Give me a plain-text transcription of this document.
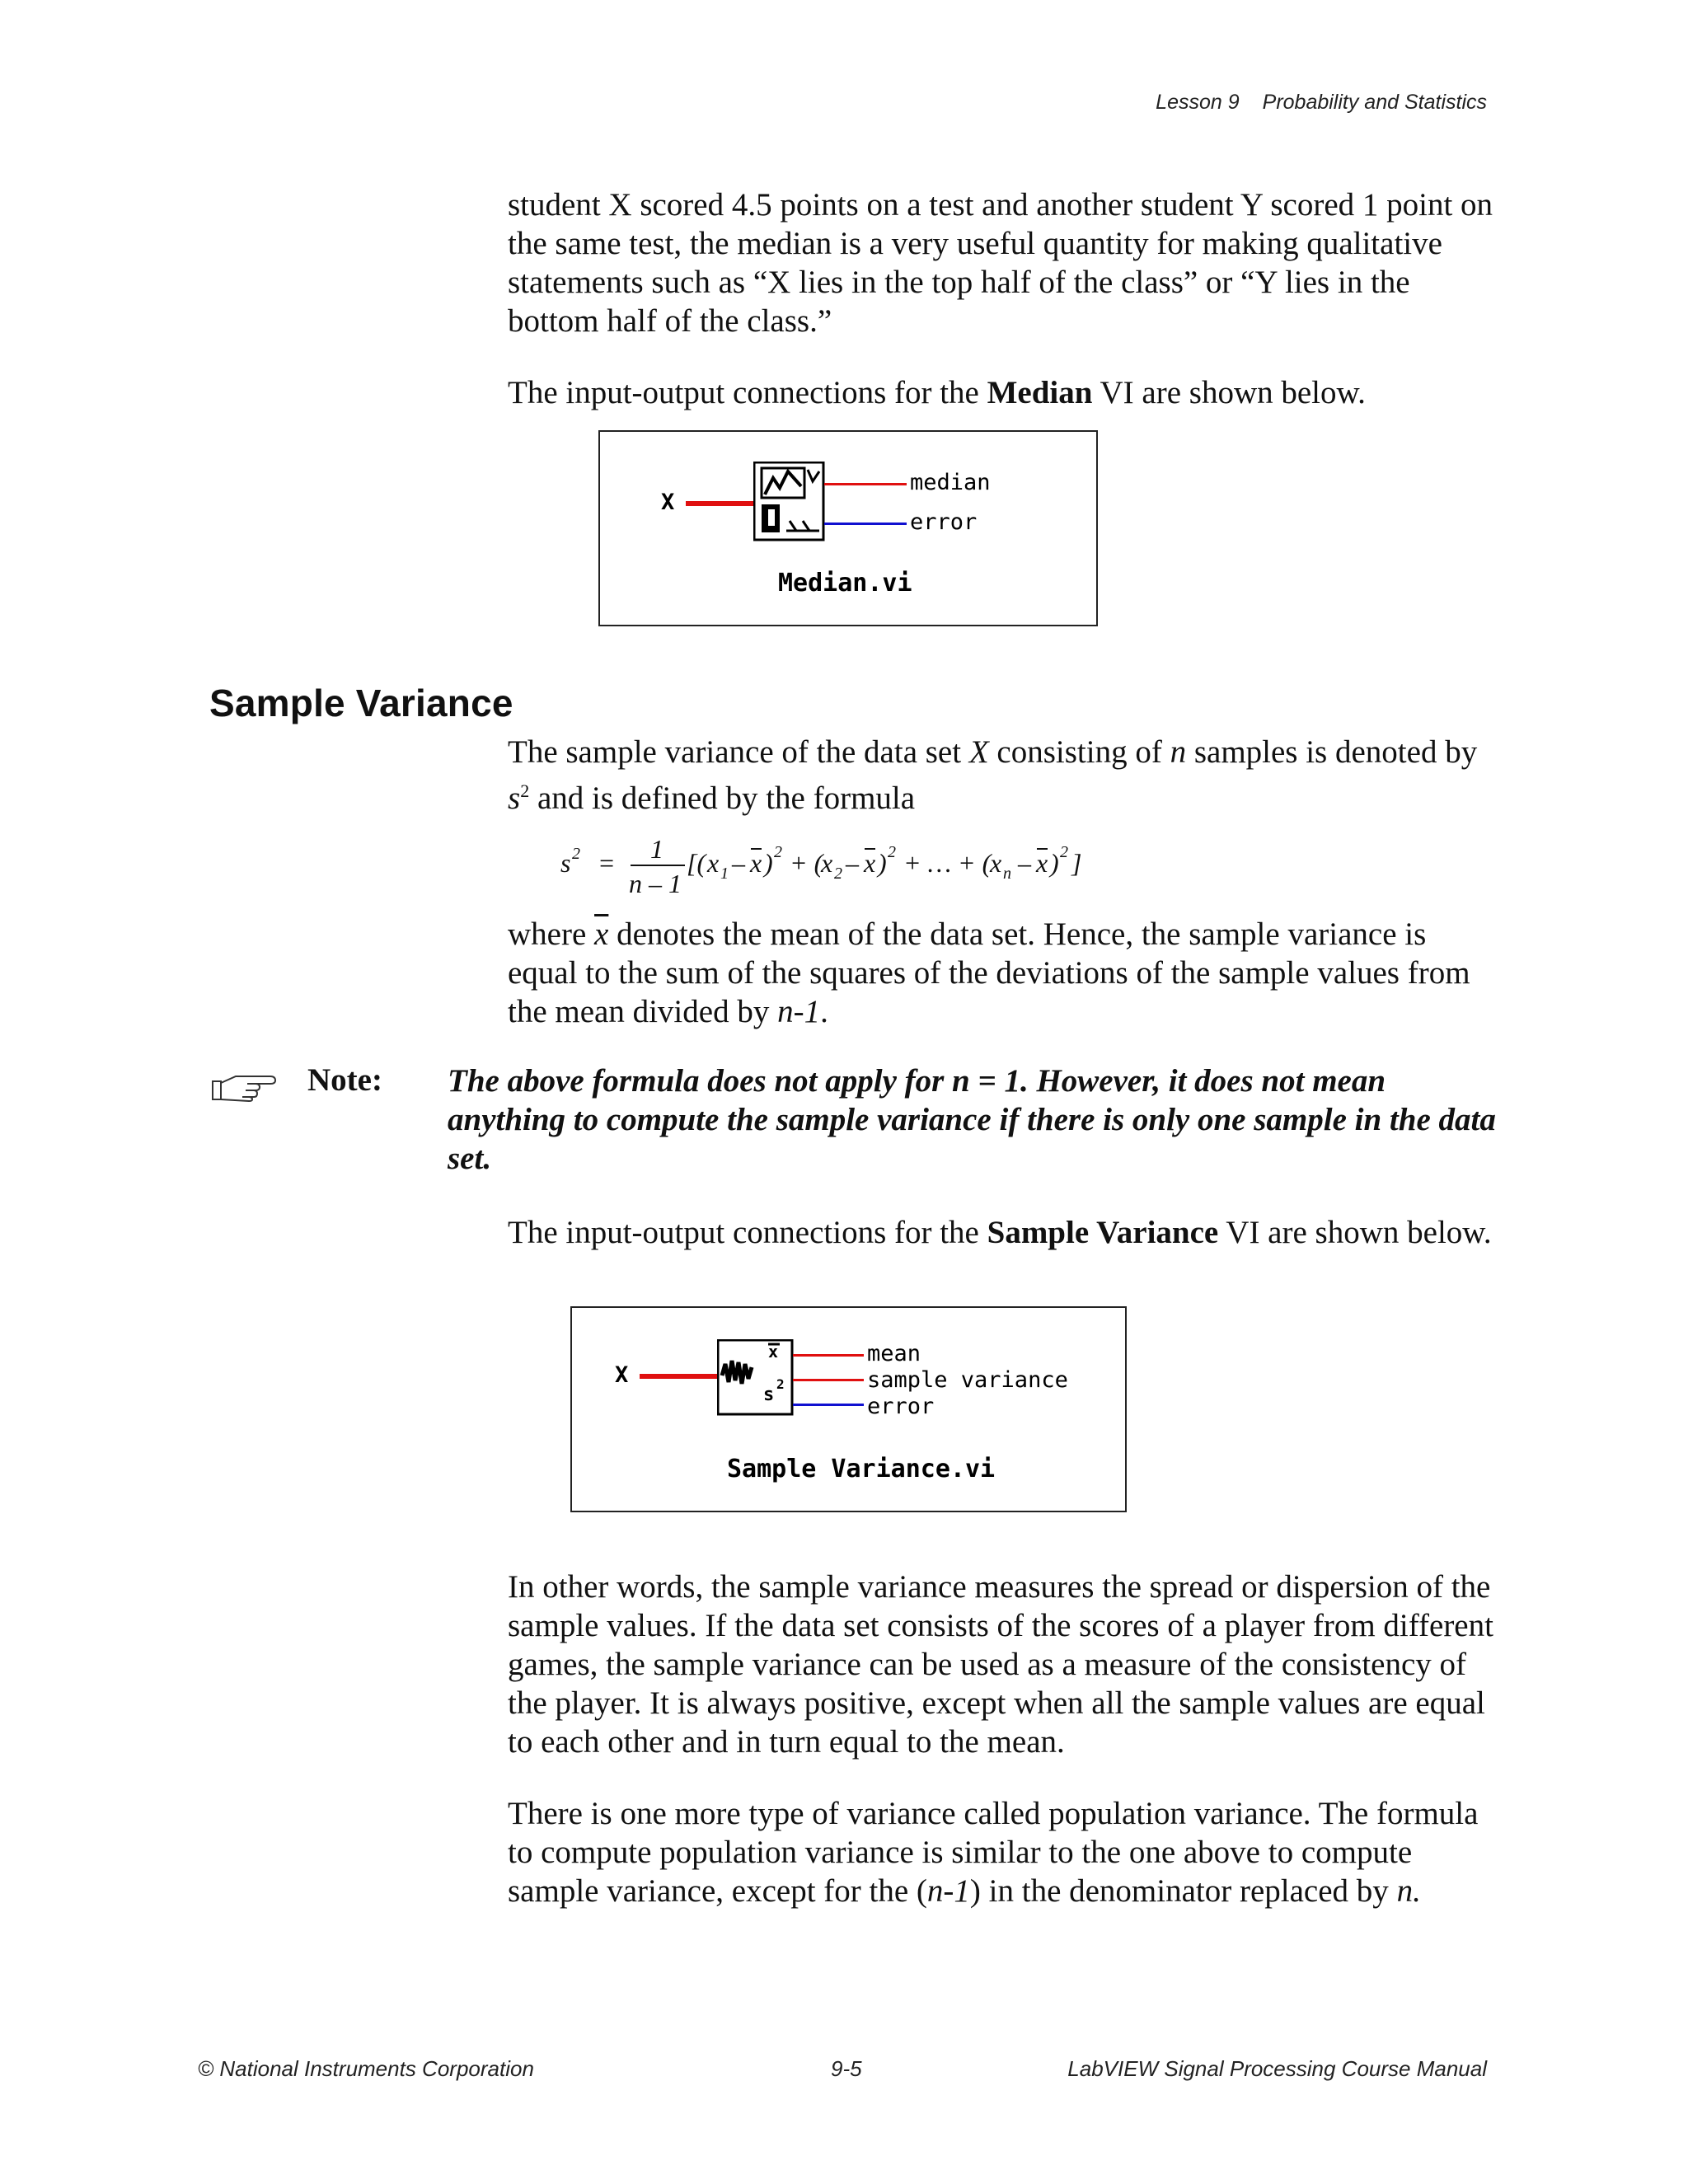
Lesson 9 Probability and Statistics

student X scored 4.5 points on a test and another student Y scored 1 point on the same test, the median is a very useful quantity for making qualitative statements such as “X lies in the top half of the class” or “Y lies in the bottom half of the class.”

The input-output connections for the Median VI are shown below.

X
median
error
Median.vi
Sample Variance

The sample variance of the data set X consisting of n samples is denoted by
$s^2$ and is defined by the formula

s 2 = 1
n – 1
[( x 1 – x ) 2 + (
x 2 – x ) 2 + … + (
x n – x ) 2 ]

where $\overline{x}$ denotes the mean of the data set. Hence, the sample variance is equal to the sum of the squares of the deviations of the sample values from the mean divided by n-1.

Note: The above formula does not apply for n = 1. However, it does not mean anything to compute the sample variance if there is only one sample in the data set.

The input-output connections for the Sample Variance VI are shown below.

X
x
s
2
mean
sample variance
error
Sample Variance.vi

In other words, the sample variance measures the spread or dispersion of the sample values. If the data set consists of the scores of a player from different games, the sample variance can be used as a measure of the consistency of the player. It is always positive, except when all the sample values are equal to each other and in turn equal to the mean.

There is one more type of variance called population variance. The formula to compute population variance is similar to the one above to compute sample variance, except for the (n-1) in the denominator replaced by n.

© National Instruments Corporation	9-5	LabVIEW Signal Processing Course Manual
